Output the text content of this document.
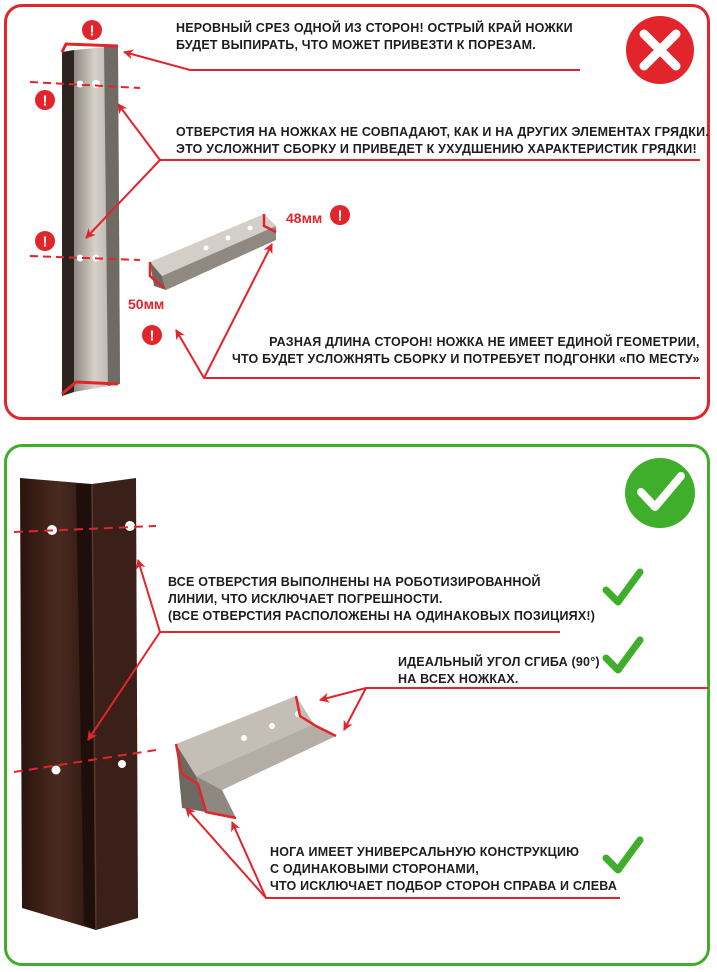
!
!
!
!
!
48мм
50мм
НЕРОВНЫЙ СРЕЗ ОДНОЙ ИЗ СТОРОН! ОСТРЫЙ КРАЙ НОЖКИ
БУДЕТ ВЫПИРАТЬ, ЧТО МОЖЕТ ПРИВЕЗТИ К ПОРЕЗАМ.
ОТВЕРСТИЯ НА НОЖКАХ НЕ СОВПАДАЮТ, КАК И НА ДРУГИХ ЭЛЕМЕНТАХ ГРЯДКИ.
ЭТО УСЛОЖНИТ СБОРКУ И ПРИВЕДЕТ К УХУДШЕНИЮ ХАРАКТЕРИСТИК ГРЯДКИ!
РАЗНАЯ ДЛИНА СТОРОН! НОЖКА НЕ ИМЕЕТ ЕДИНОЙ ГЕОМЕТРИИ,
ЧТО БУДЕТ УСЛОЖНЯТЬ СБОРКУ И ПОТРЕБУЕТ ПОДГОНКИ «ПО МЕСТУ»
ВСЕ ОТВЕРСТИЯ ВЫПОЛНЕНЫ НА РОБОТИЗИРОВАННОЙ
ЛИНИИ, ЧТО ИСКЛЮЧАЕТ ПОГРЕШНОСТИ.
(ВСЕ ОТВЕРСТИЯ РАСПОЛОЖЕНЫ НА ОДИНАКОВЫХ ПОЗИЦИЯХ!)
ИДЕАЛЬНЫЙ УГОЛ СГИБА (90°)
НА ВСЕХ НОЖКАХ.
НОГА ИМЕЕТ УНИВЕРСАЛЬНУЮ КОНСТРУКЦИЮ
С ОДИНАКОВЫМИ СТОРОНАМИ,
ЧТО ИСКЛЮЧАЕТ ПОДБОР СТОРОН СПРАВА И СЛЕВА
